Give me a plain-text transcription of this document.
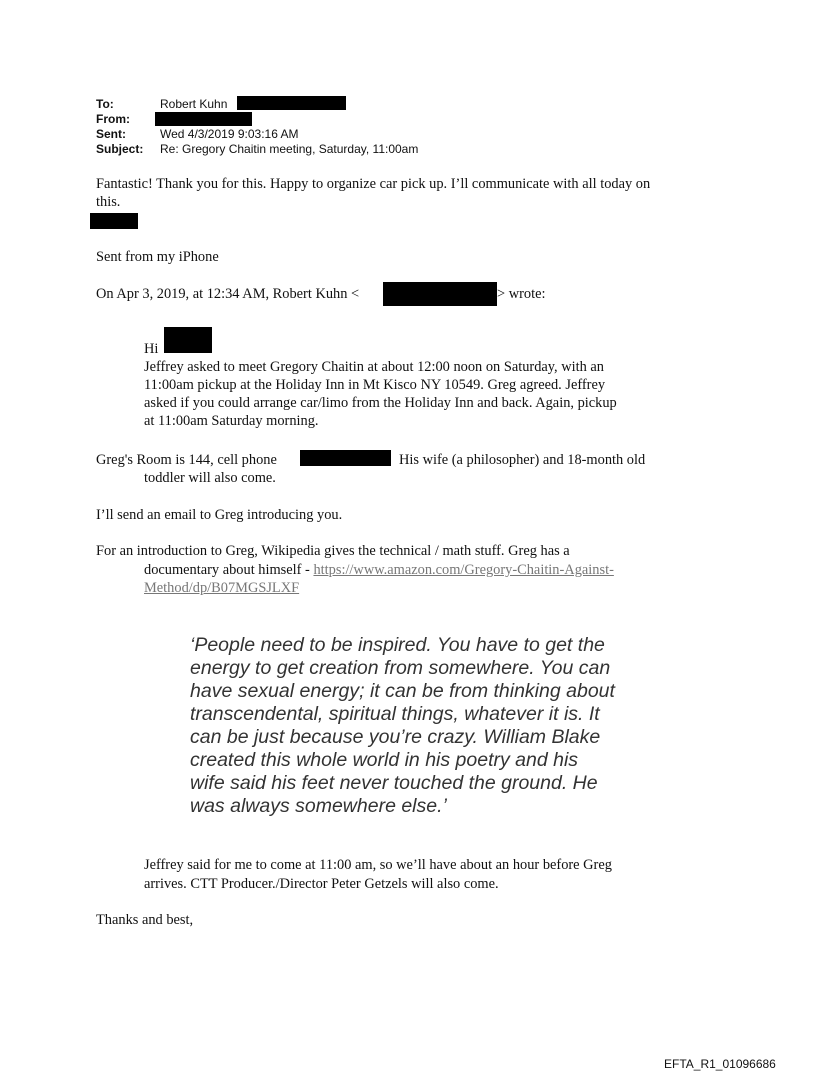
To:	Robert Kuhn
From:
Sent:	Wed 4/3/2019 9:03:16 AM
Subject: Re: Gregory Chaitin meeting, Saturday, 11:00am
Fantastic! Thank you for this. Happy to organize car pick up. I’ll communicate with all today on
this.
Sent from my iPhone
On Apr 3, 2019, at 12:34 AM, Robert Kuhn <	> wrote:
Hi
Jeffrey asked to meet Gregory Chaitin at about 12:00 noon on Saturday, with an
11:00am pickup at the Holiday Inn in Mt Kisco NY 10549. Greg agreed. Jeffrey
asked if you could arrange car/limo from the Holiday Inn and back. Again, pickup
at 11:00am Saturday morning.
Greg's Room is 144, cell phone	His wife (a philosopher) and 18-month old
toddler will also come.
I’ll send an email to Greg introducing you.
For an introduction to Greg, Wikipedia gives the technical / math stuff. Greg has a
documentary about himself - https://www.amazon.com/Gregory-Chaitin-Against-
Method/dp/B07MGSJLXF
‘People need to be inspired. You have to get the
energy to get creation from somewhere. You can
have sexual energy; it can be from thinking about
transcendental, spiritual things, whatever it is. It
can be just because you’re crazy. William Blake
created this whole world in his poetry and his
wife said his feet never touched the ground. He
was always somewhere else.’
Jeffrey said for me to come at 11:00 am, so we’ll have about an hour before Greg
arrives. CTT Producer./Director Peter Getzels will also come.
Thanks and best,
EFTA_R1_01096686
